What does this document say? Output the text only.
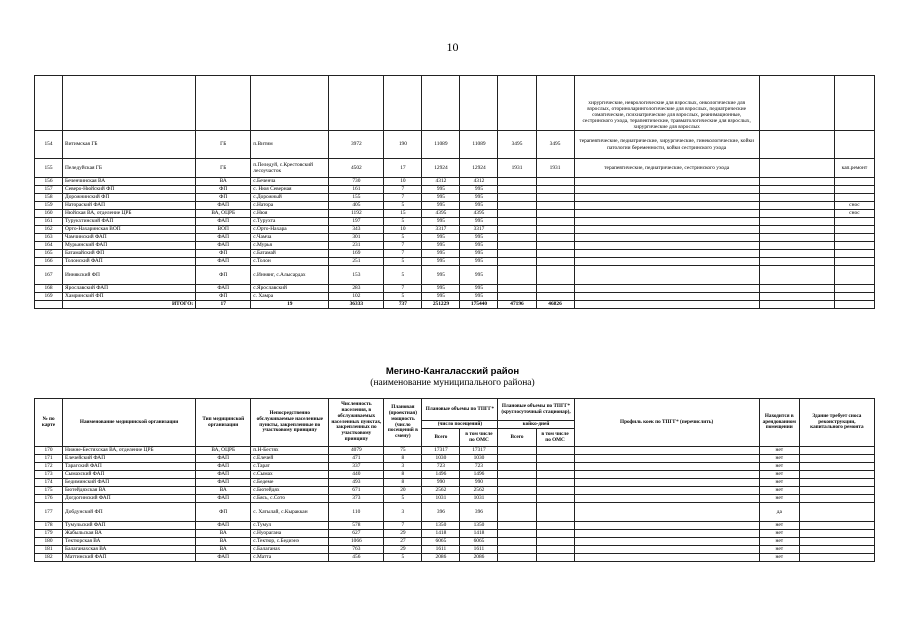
10
										хирургические, неврологические для взрослых, онкологические для взрослых, оториноларингологические для взрослых, педиатрические соматические, психиатрические для взрослых, реанимационные, сестринского ухода, терапевтические, травматологические для взрослых, хирургические для взрослых		
154	Витимская ГБ	ГБ	п.Витим	3972	190	11089	11089	3495	3495	терапевтические, педиатрические, хирургические, гинекологические, койки патологии беременности, койки сестринского ухода		
155	Пеледуйская ГБ	ГБ	п.Пеледуй, с.Крестовский лесоучасток	4502	17	12924	12924	1931	1931	терапевтические, педиатрические, сестринского ухода		кап.ремонт
156	Беченчинская ВА	ВА	с.Беченча	730	10	4312	4312					
157	Северо-Нюйский ФП	ФП	с. Нюя Северная	161	7	995	995					
158	Дорожнинский ФП	ФП	с.Дорожный	155	7	995	995					
159	Натораский ФАП	ФАП	с.Натора	405	5	995	995					снос
160	Нюйская ВА, отделение ЦРБ	ВА, ОЦРБ	с.Нюя	1192	15	4395	4395					снос
161	Турукхтинский ФАП	ФАП	с.Турухта	197	5	995	995					
162	Орто-Нахаринская ВОП	ВОП	с.Орто-Нахара	343	10	3317	3317					
163	Чамчинский ФАП	ФАП	с.Чамча	301	5	995	995					
164	Мурьинский ФАП	ФАП	с.Мурья	231	7	995	995					
165	Батамайский ФП	ФП	с.Батамай	169	7	995	995					
166	Толонский ФАП	ФАП	с.Толон	251	5	995	995					
167	Иннякский ФП	ФП	с.Иннянг, с.Алысардах	153	5	995	995					
168	Ярославский ФАП	ФАП	с.Ярославский	283	7	995	995					
169	Хамринский ФП	ФП	с. Хамра	102	5	995	995					
	ИТОГО:	17	19	36333	737	251229	175440	47196	46826			
Мегино-Кангаласский район
(наименование муниципального района)
№ по карте	Наименование медицинской организации	Тип медицинской организации	Непосредственно обслуживаемые населенные пункты, закрепленные по участковому принципу	Численность населения, в обслуживаемых населенных пунктах, закрепленных по участковому принципу	Плановая (проектная) мощность (число посещений в смену)	Плановые объемы по ТПГГ*		Плановые объемы по ТПГГ* (круглосуточный стационар),		Профиль коек по ТПГГ* (перечислить)	Находится в арендованном помещении	Здание требует сноса реконструкции, капитального ремонта
						(число посещений)		койко-дней				
						Всего	в том числе по ОМС	Всего	в том числе по ОМС			
170	Нижне-Бестяхская ВА, отделение ЦРБ	ВА, ОЦРБ	п.Н-Бестях	4079	75	17317	17317				нет	
171	Елечейский ФАП	ФАП	с.Елечей	471	8	1030	1030				нет	
172	Тарагский ФАП	ФАП	с.Тарат	337	3	723	723				нет	
173	Сымахский ФАП	ФАП	с.Сымах	440	8	1496	1496				нет	
174	Бедиминский ФАП	ФАП	с.Бедеме	493	8	990	990				нет	
175	Бютейдяхская ВА	ВА	с.Бютейдях	671	20	2562	2562				нет	
176	Догдогинский ФАП	ФАП	с.Бясь, с.Сото	373	5	1031	1031				нет	
177	Добдунский ФП	ФП	с. Хатылай, с.Кыраккан	110	3	396	396				да	
178	Тумульский ФАП	ФАП	с.Тумул	578	7	1350	1350				нет	
179	Жабыльская ВА	ВА	с.Нуорагана	627	29	1418	1418				нет	
180	Тектюрская ВА	ВА	с.Тектюр, с.Бедиэнэ	1066	27	6065	6065				нет	
181	Балаганахская ВА	ВА	с.Балаганах	763	29	1611	1611				нет	
182	Маттинский ФАП	ФАП	с.Матта	456	5	2086	2086				нет	
